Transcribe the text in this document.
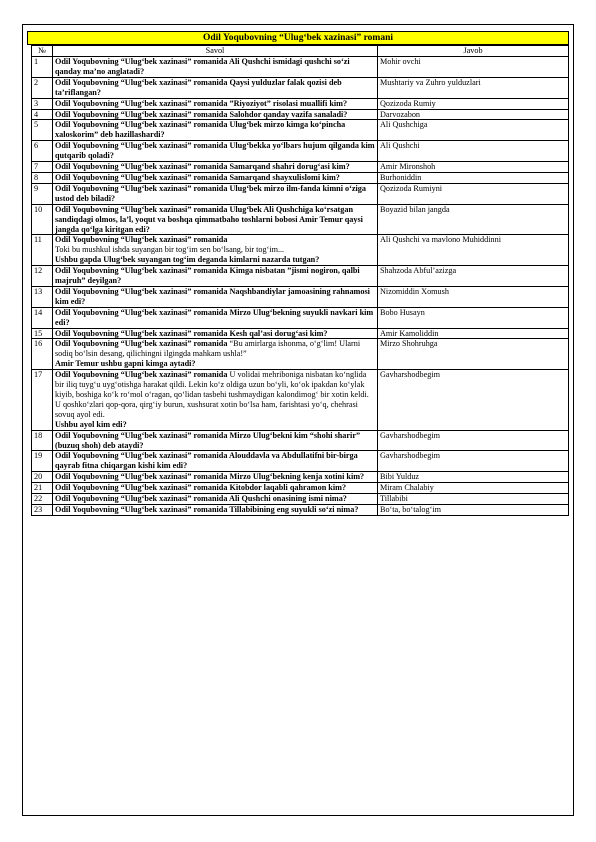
Odil Yoqubovning “Ulug‘bek xazinasi” romani
№	Savol	Javob
1	Odil Yoqubovning “Ulug‘bek xazinasi” romanida Ali Qushchi ismidagi qushchi so‘zi qanday ma’no anglatadi?	Mohir ovchi
2	Odil Yoqubovning “Ulug‘bek xazinasi” romanida Qaysi yulduzlar falak qozisi deb ta’riflangan?	Mushtariy va Zuhro yulduzlari
3	Odil Yoqubovning “Ulug‘bek xazinasi” romanida ”Riyoziyot” risolasi muallifi kim?	Qozizoda Rumiy
4	Odil Yoqubovning “Ulug‘bek xazinasi” romanida Salohdor qanday vazifa sanaladi?	Darvozabon
5	Odil Yoqubovning “Ulug‘bek xazinasi” romanida Ulug‘bek mirzo kimga ko‘pincha xaloskorim” deb hazillashardi?	Ali Qushchiga
6	Odil Yoqubovning “Ulug‘bek xazinasi” romanida Ulug‘bekka yo‘lbars hujum qilganda kim qutqarib qoladi?	Ali Qushchi
7	Odil Yoqubovning “Ulug‘bek xazinasi” romanida Samarqand shahri dorug‘asi kim?	Amir Mironshoh
8	Odil Yoqubovning “Ulug‘bek xazinasi” romanida Samarqand shayxulislomi kim?	Burhoniddin
9	Odil Yoqubovning “Ulug‘bek xazinasi” romanida Ulug‘bek mirzo ilm-fanda kimni o‘ziga ustod deb biladi?	Qozizoda Rumiyni
10	Odil Yoqubovning “Ulug‘bek xazinasi” romanida Ulug‘bek Ali Qushchiga ko‘rsatgan sandiqdagi olmos, la’l, yoqut va boshqa qimmatbaho toshlarni bobosi Amir Temur qaysi jangda qo‘lga kiritgan edi?	Boyazid bilan jangda
11	Odil Yoqubovning “Ulug‘bek xazinasi” romanida
Toki bu mushkul ishda suyangan bir tog‘im sen bo‘lsang, bir tog‘im...
Ushbu gapda Ulug‘bek suyangan tog‘im deganda kimlarni nazarda tutgan?	Ali Qushchi va mavlono Muhiddinni
12	Odil Yoqubovning “Ulug‘bek xazinasi” romanida Kimga nisbatan ”jismi nogiron, qalbi majruh” deyilgan?	Shahzoda Abful’azizga
13	Odil Yoqubovning “Ulug‘bek xazinasi” romanida Naqshbandiylar jamoasining rahnamosi kim edi?	Nizomiddin Xomush
14	Odil Yoqubovning “Ulug‘bek xazinasi” romanida Mirzo Ulug‘bekning suyukli navkari kim edi?	Bobo Husayn
15	Odil Yoqubovning “Ulug‘bek xazinasi” romanida Kesh qal’asi dorug‘asi kim?	Amir Kamoliddin
16	Odil Yoqubovning “Ulug‘bek xazinasi” romanida “Bu amirlarga ishonma, o‘g‘lim! Ularni sodiq bo‘lsin desang, qilichingni ilgingda mahkam ushla!”
Amir Temur ushbu gapni kimga aytadi?	Mirzo Shohruhga
17	Odil Yoqubovning “Ulug‘bek xazinasi” romanida U volidai mehriboniga nisbatan ko‘nglida bir iliq tuyg‘u uyg‘otishga harakat qildi. Lekin ko‘z oldiga uzun bo‘yli, ko‘ok ipakdan ko‘ylak kiyib, boshiga ko‘k ro‘mol o‘ragan, qo‘lidan tasbehi tushmaydigan kalondimog‘ bir xotin keldi. U qoshko‘zlari qop-qora, qirg‘iy burun, xushsurat xotin bo‘lsa ham, farishtasi yo‘q, chehrasi sovuq ayol edi.
Ushbu ayol kim edi?	Gavharshodbegim
18	Odil Yoqubovning “Ulug‘bek xazinasi” romanida Mirzo Ulug‘bekni kim “shohi sharir” (buzuq shoh) deb ataydi?	Gavharshodbegim
19	Odil Yoqubovning “Ulug‘bek xazinasi” romanida Alouddavla va Abdullatifni bir-birga qayrab fitna chiqargan kishi kim edi?	Gavharshodbegim
20	Odil Yoqubovning “Ulug‘bek xazinasi” romanida Mirzo Ulug‘bekning kenja xotini kim?	Bibi Yulduz
21	Odil Yoqubovning “Ulug‘bek xazinasi” romanida Kitobdor laqabli qahramon kim?	Miram Chalabiy
22	Odil Yoqubovning “Ulug‘bek xazinasi” romanida Ali Qushchi onasining ismi nima?	Tillabibi
23	Odil Yoqubovning “Ulug‘bek xazinasi” romanida Tillabibining eng suyukli so‘zi nima?	Bo‘ta, bo‘talog‘im
